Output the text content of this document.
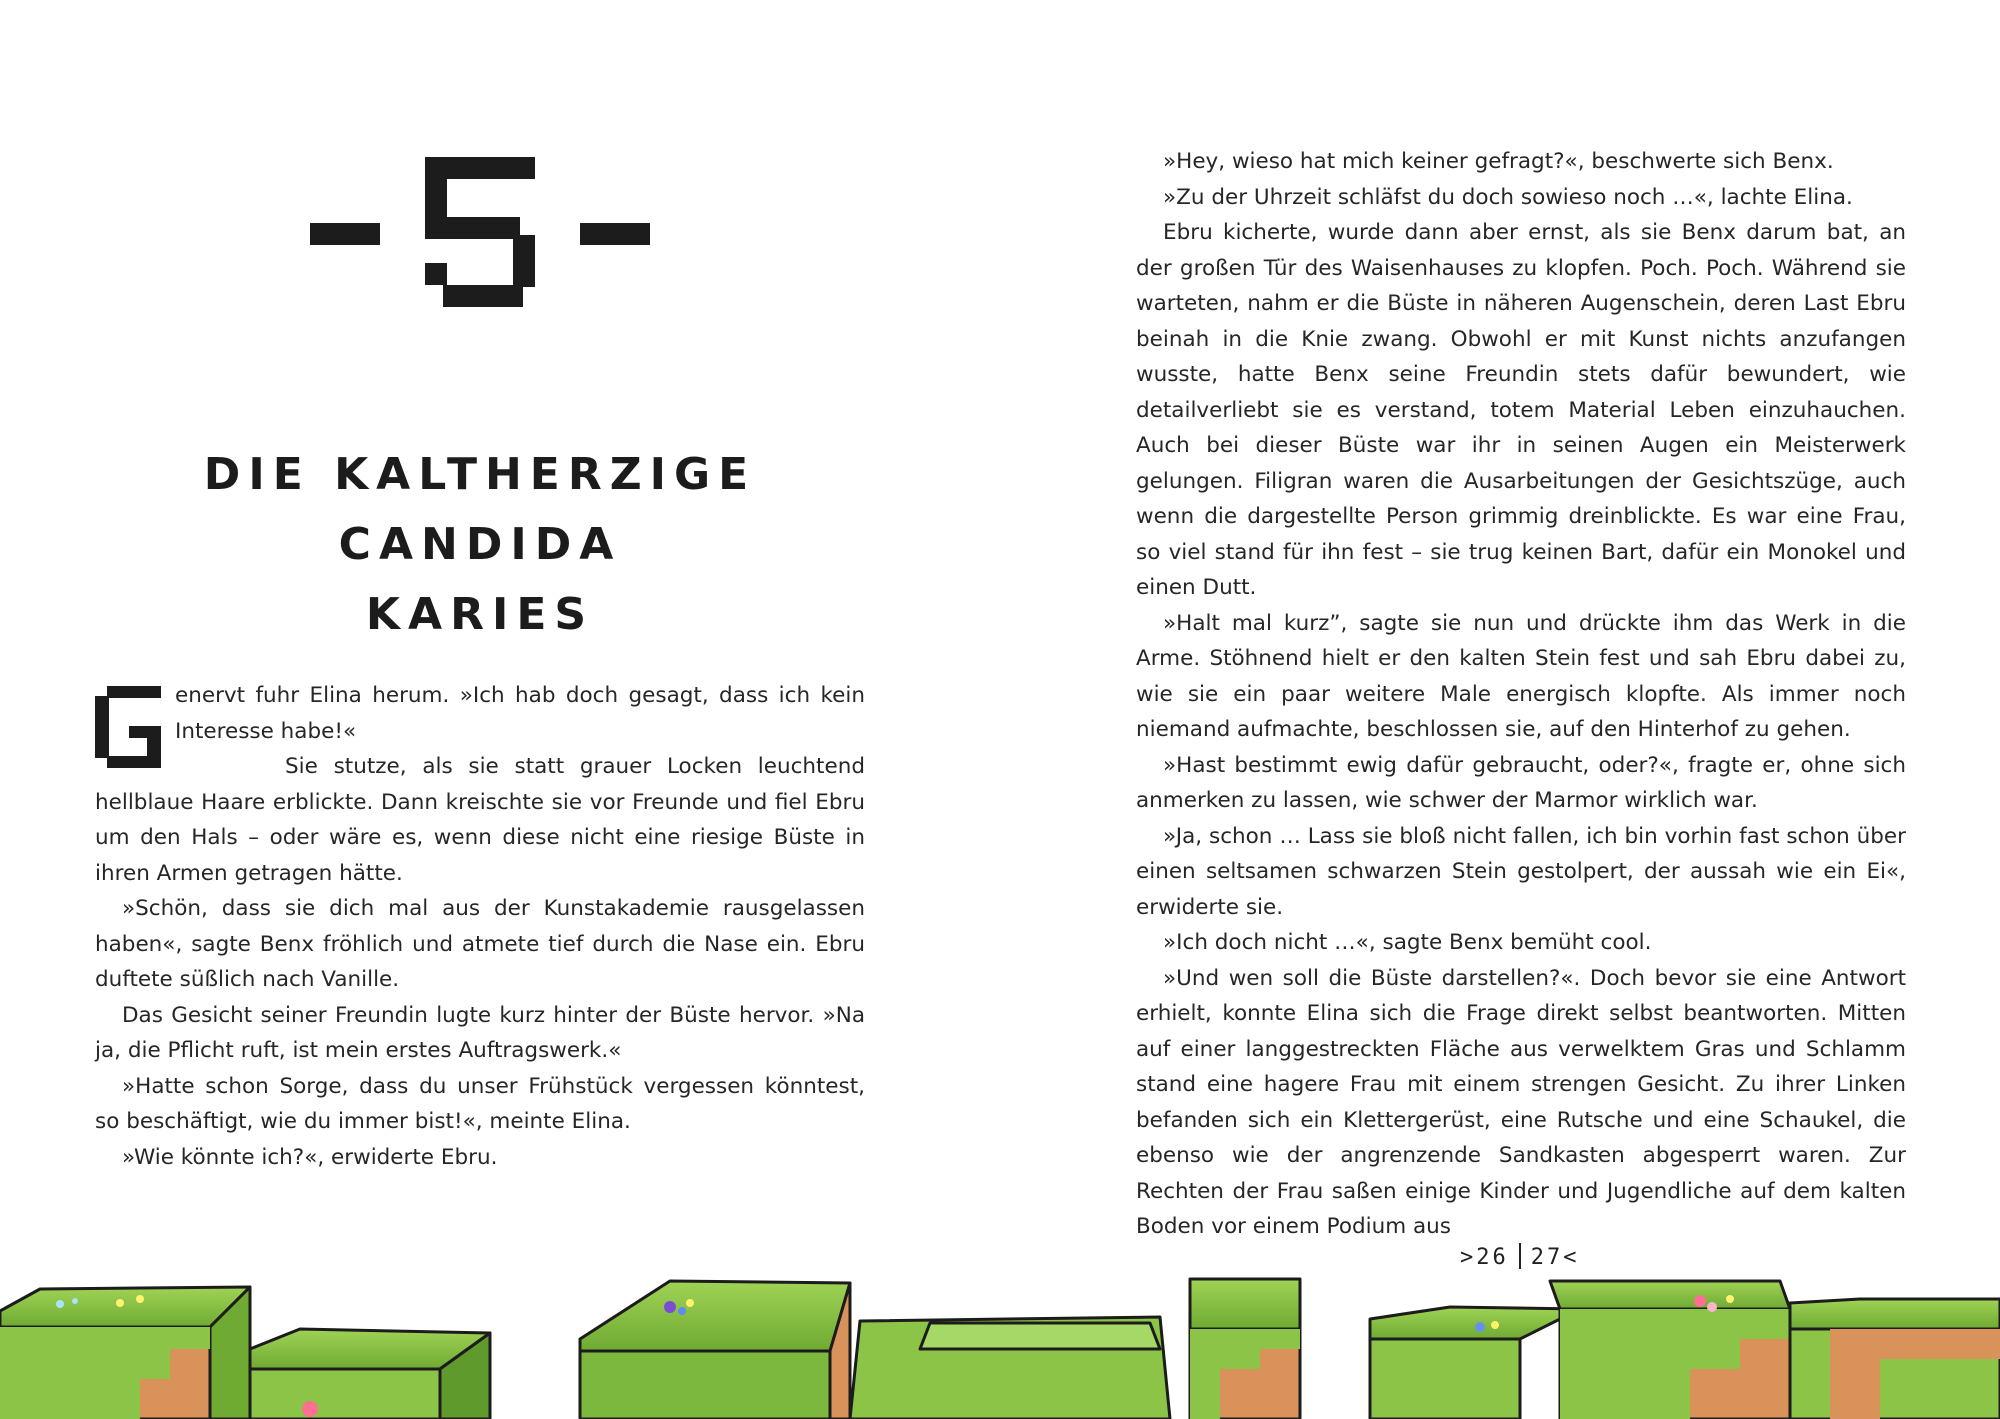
DIE KALTHERZIGE CANDIDA
KARIES

enervt fuhr Elina herum. »Ich hab doch gesagt, dass ich kein Interesse habe!«

Sie stutze, als sie statt grauer Locken leuchtend hellblaue Haare erblickte. Dann kreischte sie vor Freunde und fiel Ebru um den Hals – oder wäre es, wenn diese nicht eine riesige Büste in ihren Armen getragen hätte.

»Schön, dass sie dich mal aus der Kunstakademie rausgelassen haben«, sagte Benx fröhlich und atmete tief durch die Nase ein. Ebru duftete süßlich nach Vanille.

Das Gesicht seiner Freundin lugte kurz hinter der Büste hervor. »Na ja, die Pflicht ruft, ist mein erstes Auftragswerk.«

»Hatte schon Sorge, dass du unser Frühstück vergessen könntest, so beschäftigt, wie du immer bist!«, meinte Elina.

»Wie könnte ich?«, erwiderte Ebru.

»Hey, wieso hat mich keiner gefragt?«, beschwerte sich Benx.

»Zu der Uhrzeit schläfst du doch sowieso noch …«, lachte Elina.

Ebru kicherte, wurde dann aber ernst, als sie Benx darum bat, an der großen Tür des Waisenhauses zu klopfen. Poch. Poch. Während sie warteten, nahm er die Büste in näheren Augenschein, deren Last Ebru beinah in die Knie zwang. Obwohl er mit Kunst nichts anzufangen wusste, hatte Benx seine Freundin stets dafür bewundert, wie detailverliebt sie es verstand, totem Material Leben einzuhauchen. Auch bei dieser Büste war ihr in seinen Augen ein Meisterwerk gelungen. Filigran waren die Ausarbeitungen der Gesichtszüge, auch wenn die dargestellte Person grimmig dreinblickte. Es war eine Frau, so viel stand für ihn fest – sie trug keinen Bart, dafür ein Monokel und einen Dutt.

»Halt mal kurz”, sagte sie nun und drückte ihm das Werk in die Arme. Stöhnend hielt er den kalten Stein fest und sah Ebru dabei zu, wie sie ein paar weitere Male energisch klopfte. Als immer noch niemand aufmachte, beschlossen sie, auf den Hinterhof zu gehen.

»Hast bestimmt ewig dafür gebraucht, oder?«, fragte er, ohne sich anmerken zu lassen, wie schwer der Marmor wirklich war.

»Ja, schon … Lass sie bloß nicht fallen, ich bin vorhin fast schon über einen seltsamen schwarzen Stein gestolpert, der aussah wie ein Ei«, erwiderte sie.

»Ich doch nicht …«, sagte Benx bemüht cool.

»Und wen soll die Büste darstellen?«. Doch bevor sie eine Antwort erhielt, konnte Elina sich die Frage direkt selbst beantworten. Mitten auf einer langgestreckten Fläche aus verwelktem Gras und Schlamm stand eine hagere Frau mit einem strengen Gesicht. Zu ihrer Linken befanden sich ein Klettergerüst, eine Rutsche und eine Schaukel, die ebenso wie der angrenzende Sandkasten abgesperrt waren. Zur Rechten der Frau saßen einige Kinder und Jugendliche auf dem kalten Boden vor einem Podium aus

>26 27<
